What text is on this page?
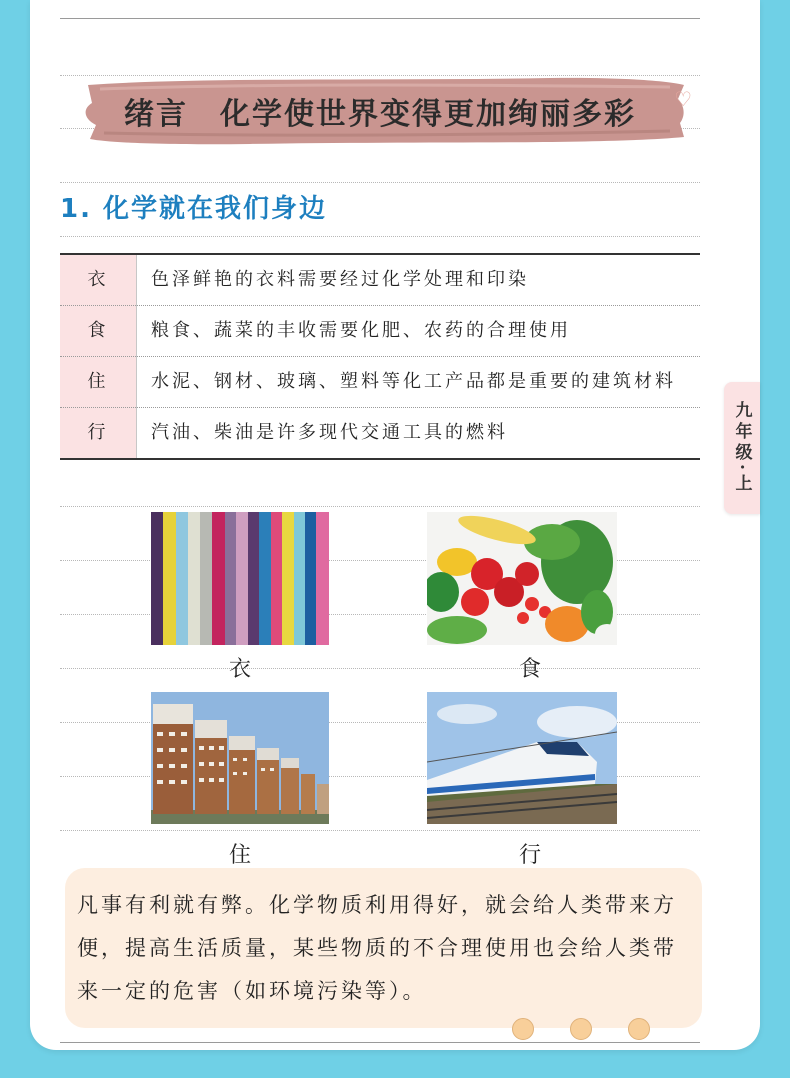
绪言　化学使世界变得更加绚丽多彩	♡
1. 化学就在我们身边
衣	色泽鲜艳的衣料需要经过化学处理和印染
食	粮食、蔬菜的丰收需要化肥、农药的合理使用
住	水泥、钢材、玻璃、塑料等化工产品都是重要的建筑材料
行	汽油、柴油是许多现代交通工具的燃料
衣	食
住	行
凡事有利就有弊。化学物质利用得好，就会给人类带来方便，提高生活质量，某些物质的不合理使用也会给人类带来一定的危害（如环境污染等）。
九年级·上
